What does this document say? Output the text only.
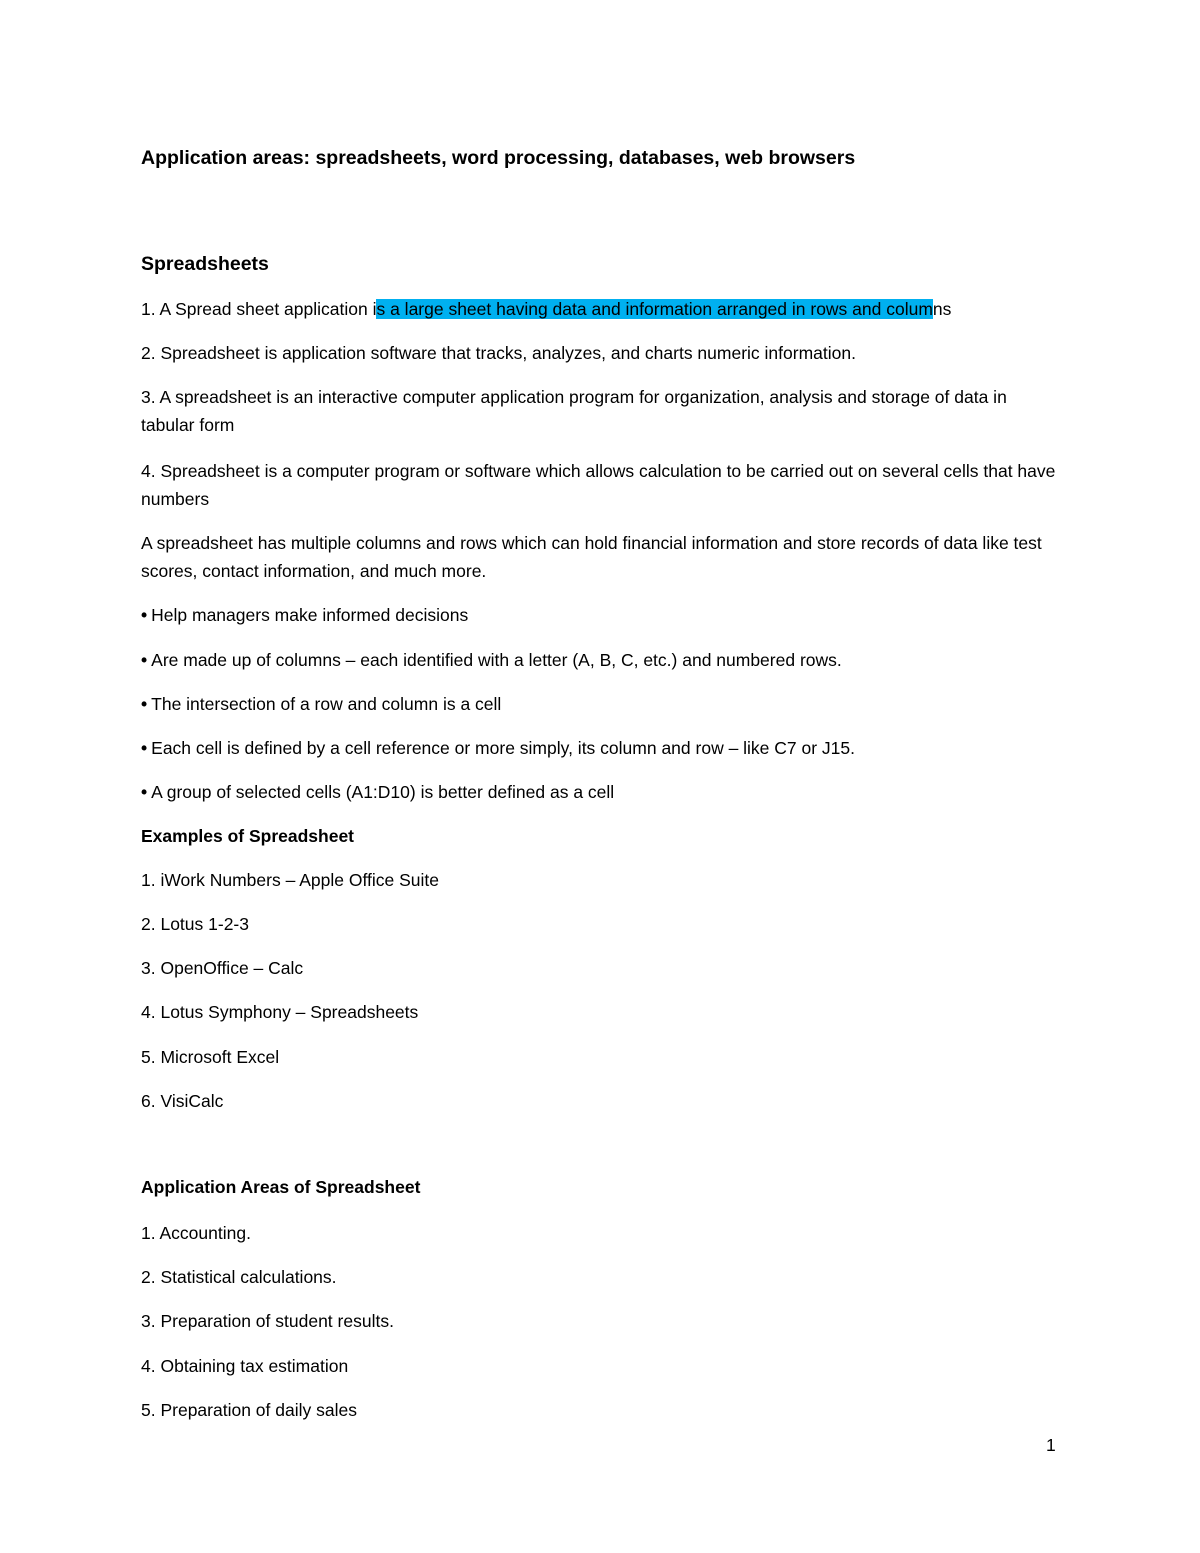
Application areas: spreadsheets, word processing, databases, web browsers
Spreadsheets

1. A Spread sheet application is a large sheet having data and information arranged in rows and columns

2. Spreadsheet is application software that tracks, analyzes, and charts numeric information.

3. A spreadsheet is an interactive computer application program for organization, analysis and storage of data in tabular form

4. Spreadsheet is a computer program or software which allows calculation to be carried out on several cells that have numbers

A spreadsheet has multiple columns and rows which can hold financial information and store records of data like test scores, contact information, and much more.

• Help managers make informed decisions

• Are made up of columns – each identified with a letter (A, B, C, etc.) and numbered rows.

• The intersection of a row and column is a cell

• Each cell is defined by a cell reference or more simply, its column and row – like C7 or J15.

• A group of selected cells (A1:D10) is better defined as a cell

Examples of Spreadsheet

1. iWork Numbers – Apple Office Suite

2. Lotus 1-2-3

3. OpenOffice – Calc

4. Lotus Symphony – Spreadsheets

5. Microsoft Excel

6. VisiCalc

Application Areas of Spreadsheet

1. Accounting.

2. Statistical calculations.

3. Preparation of student results.

4. Obtaining tax estimation

5. Preparation of daily sales

1
